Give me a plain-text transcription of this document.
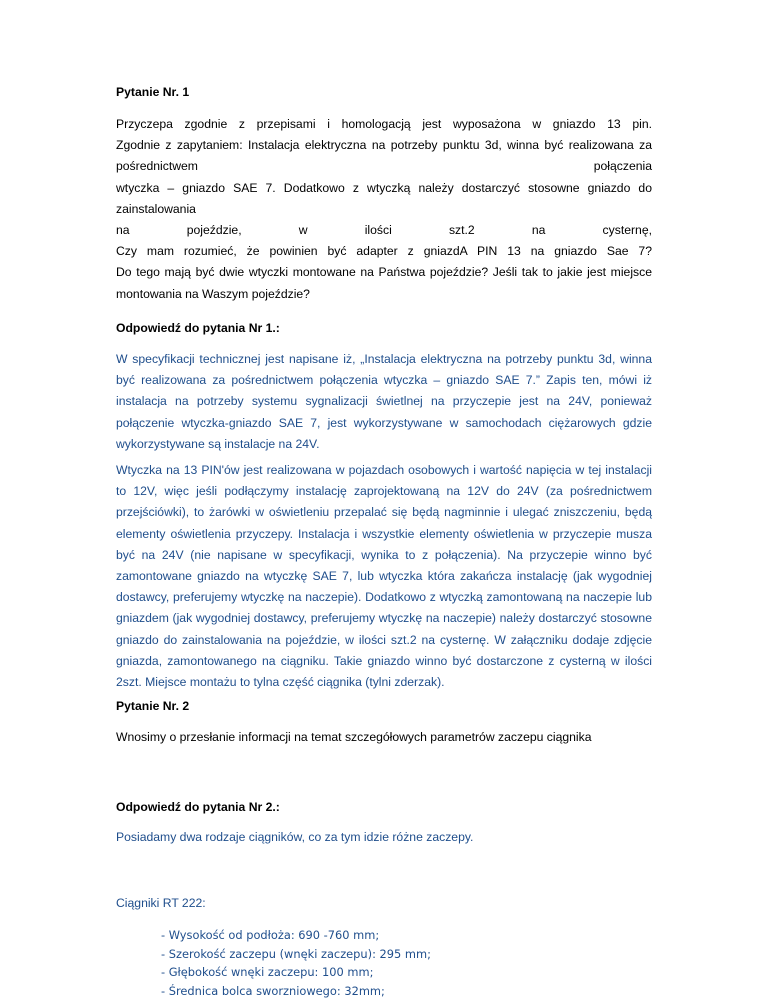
Pytanie Nr. 1
Przyczepa zgodnie z przepisami i homologacją jest wyposażona w gniazdo 13 pin.
Zgodnie z zapytaniem: Instalacja elektryczna na potrzeby punktu 3d, winna być realizowana za
pośrednictwem	połączenia
wtyczka – gniazdo SAE 7. Dodatkowo z wtyczką należy dostarczyć stosowne gniazdo do
zainstalowania
na pojeździe, w ilości szt.2 na cysternę,
Czy mam rozumieć, że powinien być adapter z gniazdA PIN 13 na gniazdo Sae 7?
Do tego mają być dwie wtyczki montowane na Państwa pojeździe? Jeśli tak to jakie jest miejsce
montowania na Waszym pojeździe?
Odpowiedź do pytania Nr 1.:

W specyfikacji technicznej jest napisane iż, „Instalacja elektryczna na potrzeby punktu 3d, winna być realizowana za pośrednictwem połączenia wtyczka – gniazdo SAE 7.” Zapis ten, mówi iż instalacja na potrzeby systemu sygnalizacji świetlnej na przyczepie jest na 24V, ponieważ połączenie wtyczka-gniazdo SAE 7, jest wykorzystywane w samochodach ciężarowych gdzie wykorzystywane są instalacje na 24V.

Wtyczka na 13 PIN'ów jest realizowana w pojazdach osobowych i wartość napięcia w tej instalacji to 12V, więc jeśli podłączymy instalację zaprojektowaną na 12V do 24V (za pośrednictwem przejściówki), to żarówki w oświetleniu przepalać się będą nagminnie i ulegać zniszczeniu, będą elementy oświetlenia przyczepy. Instalacja i wszystkie elementy oświetlenia w przyczepie musza być na 24V (nie napisane w specyfikacji, wynika to z połączenia). Na przyczepie winno być zamontowane gniazdo na wtyczkę SAE 7, lub wtyczka która zakańcza instalację (jak wygodniej dostawcy, preferujemy wtyczkę na naczepie). Dodatkowo z wtyczką zamontowaną na naczepie lub gniazdem (jak wygodniej dostawcy, preferujemy wtyczkę na naczepie) należy dostarczyć stosowne gniazdo do zainstalowania na pojeździe, w ilości szt.2 na cysternę. W załączniku dodaje zdjęcie gniazda, zamontowanego na ciągniku. Takie gniazdo winno być dostarczone z cysterną w ilości 2szt. Miejsce montażu to tylna część ciągnika (tylni zderzak).

Pytanie Nr. 2
Wnosimy o przesłanie informacji na temat szczegółowych parametrów zaczepu ciągnika
Odpowiedź do pytania Nr 2.:
Posiadamy dwa rodzaje ciągników, co za tym idzie różne zaczepy.
Ciągniki RT 222:
- Wysokość od podłoża: 690 -760 mm;
- Szerokość zaczepu (wnęki zaczepu): 295 mm;
- Głębokość wnęki zaczepu: 100 mm;
- Średnica bolca sworzniowego: 32mm;
